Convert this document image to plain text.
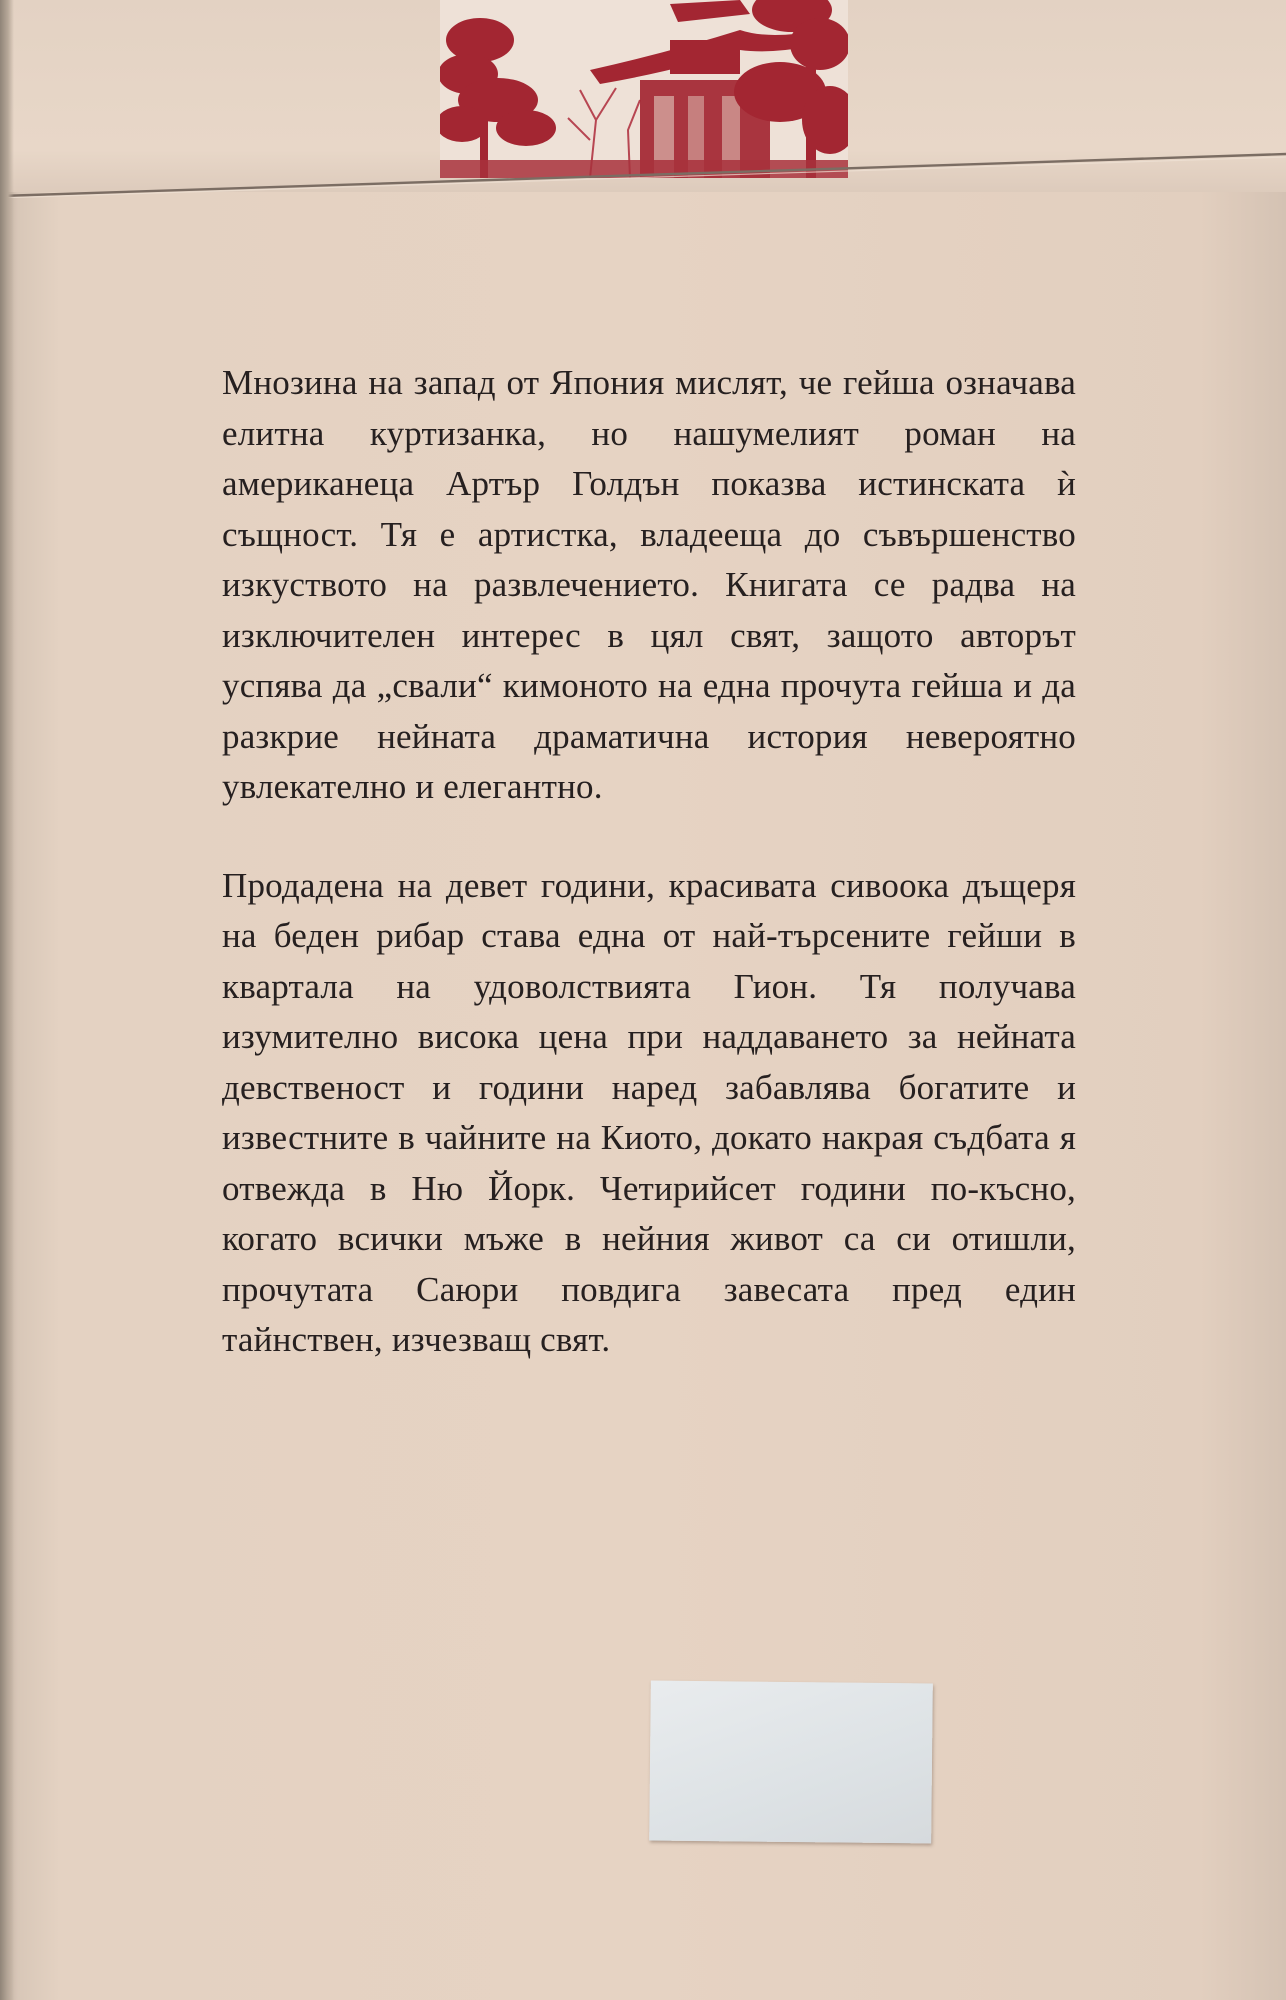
Мнозина на запад от Япония мислят, че гейша означава елитна куртизанка, но нашумелият роман на американеца Артър Голдън показва истинската ѝ същност. Тя е артистка, владееща до съвършенство изкуството на развлечението. Книгата се радва на изключителен интерес в цял свят, защото авторът успява да „свали“ кимоното на една прочута гейша и да разкрие нейната драматична история невероятно увлекателно и елегантно.

Продадена на девет години, красивата сивоока дъщеря на беден рибар става една от най-търсените гейши в квартала на удоволствията Гион. Тя получава изумително висока цена при наддаването за нейната девственост и години наред забавлява богатите и известните в чайните на Киото, докато накрая съдбата я отвежда в Ню Йорк. Четирийсет години по-късно, когато всички мъже в нейния живот са си отишли, прочутата Саюри повдига завесата пред един тайнствен, изчезващ свят.
